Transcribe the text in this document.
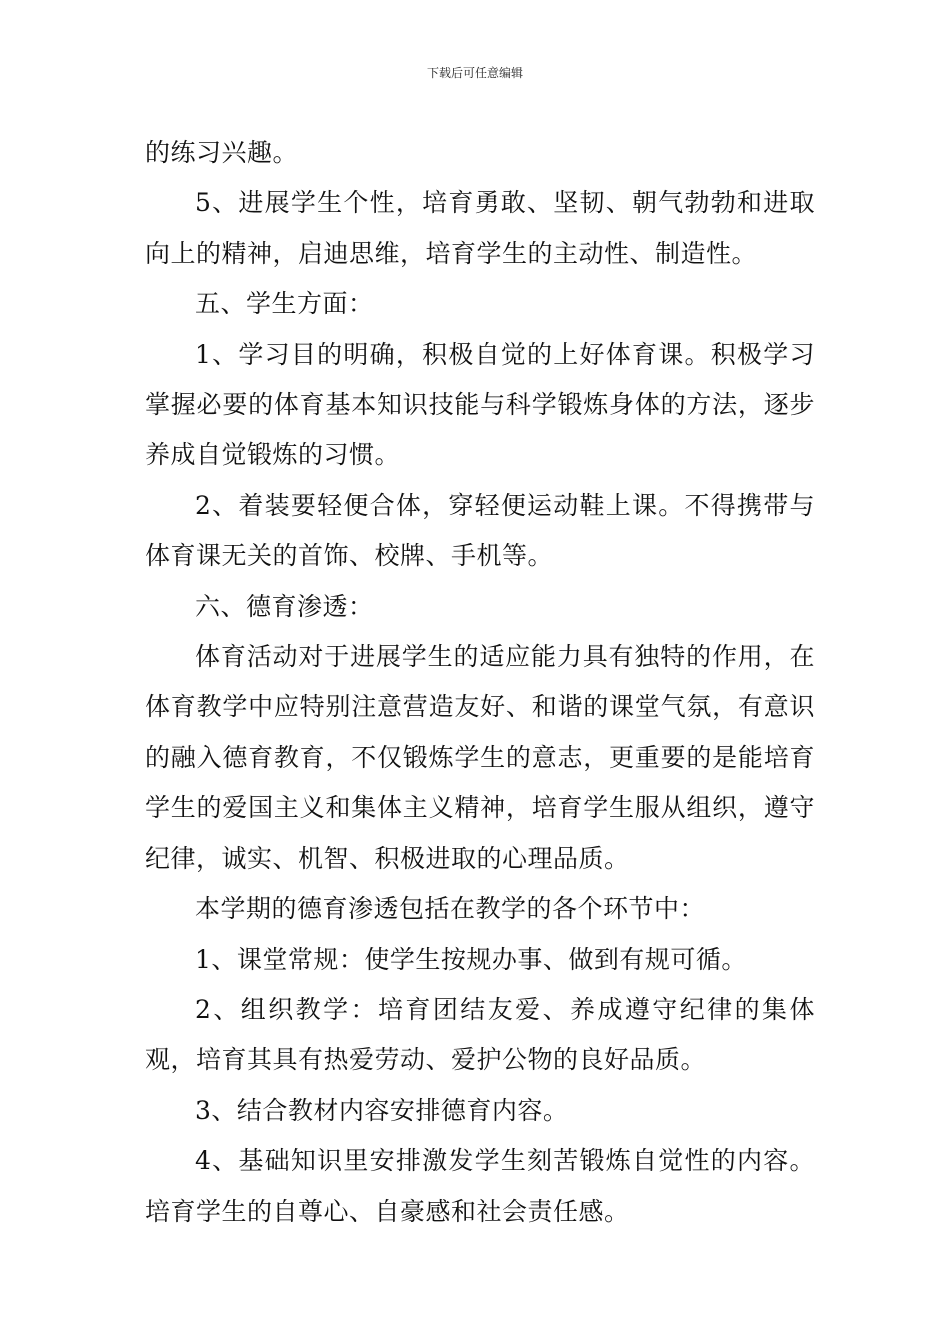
下载后可任意编辑

的练习兴趣。

5、进展学生个性，培育勇敢、坚韧、朝气勃勃和进取向上的精神，启迪思维，培育学生的主动性、制造性。

五、学生方面：

1、学习目的明确，积极自觉的上好体育课。积极学习掌握必要的体育基本知识技能与科学锻炼身体的方法，逐步养成自觉锻炼的习惯。

2、着装要轻便合体，穿轻便运动鞋上课。不得携带与体育课无关的首饰、校牌、手机等。

六、德育渗透：

体育活动对于进展学生的适应能力具有独特的作用，在体育教学中应特别注意营造友好、和谐的课堂气氛，有意识的融入德育教育，不仅锻炼学生的意志，更重要的是能培育学生的爱国主义和集体主义精神，培育学生服从组织，遵守纪律，诚实、机智、积极进取的心理品质。

本学期的德育渗透包括在教学的各个环节中：

1、课堂常规：使学生按规办事、做到有规可循。

2、组织教学：培育团结友爱、养成遵守纪律的集体观，培育其具有热爱劳动、爱护公物的良好品质。

3、结合教材内容安排德育内容。

4、基础知识里安排激发学生刻苦锻炼自觉性的内容。培育学生的自尊心、自豪感和社会责任感。
